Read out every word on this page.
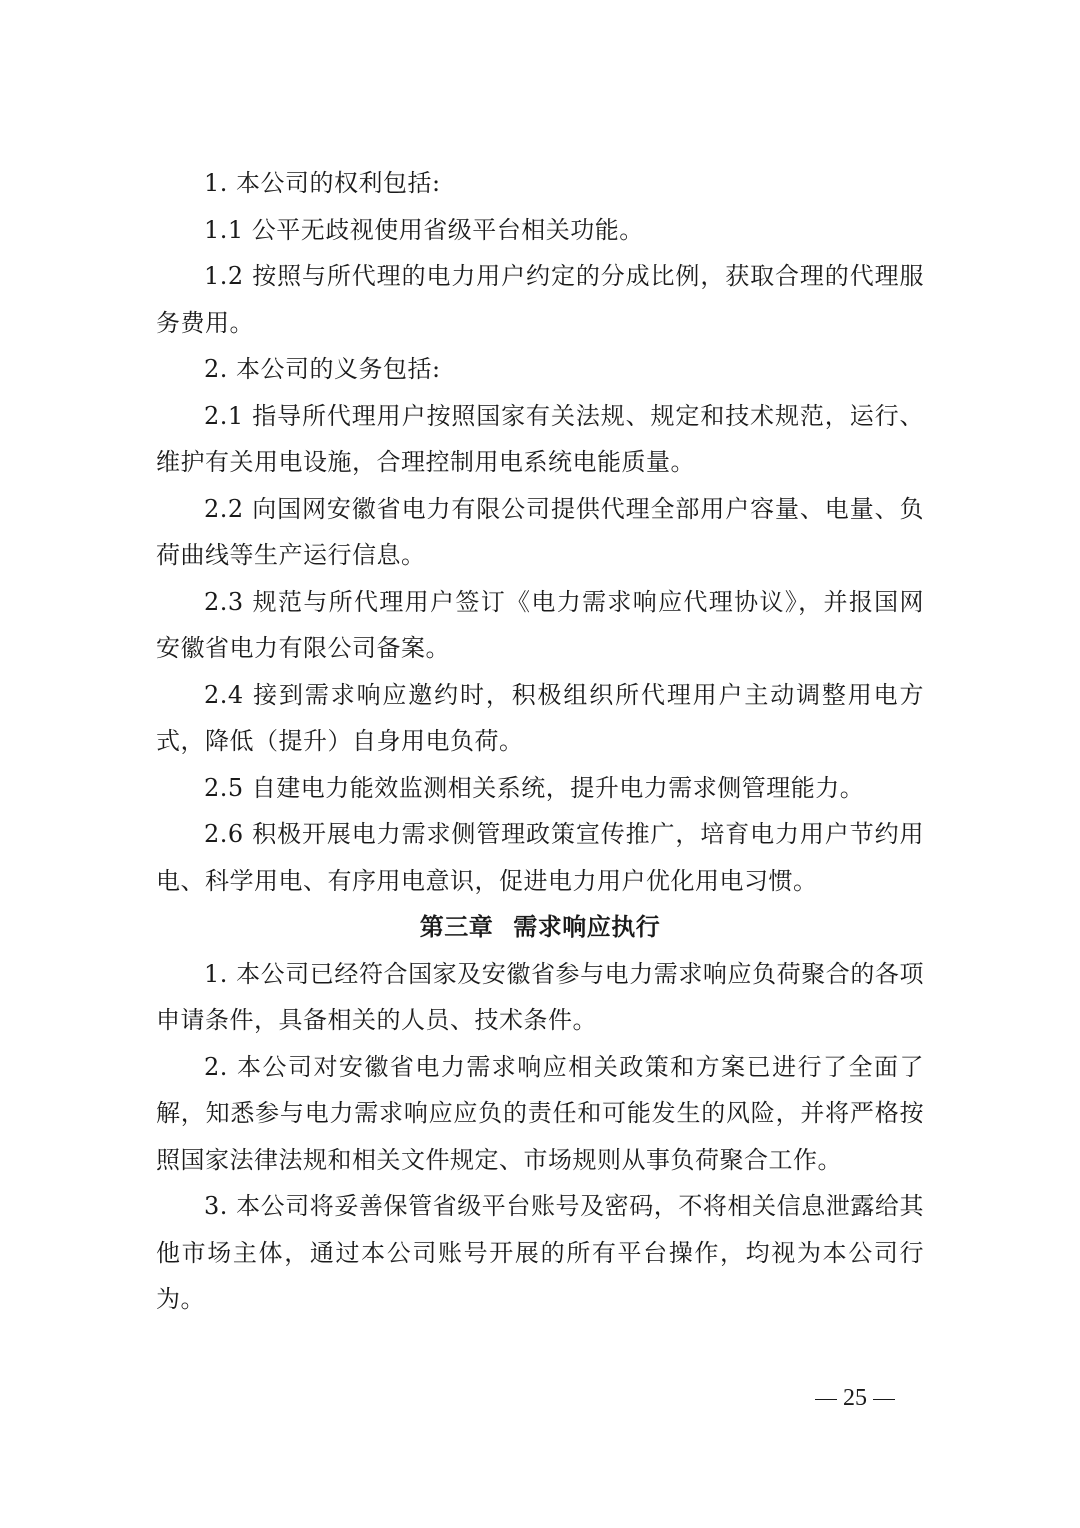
1. 本公司的权利包括:

1.1 公平无歧视使用省级平台相关功能。

1.2 按照与所代理的电力用户约定的分成比例，获取合理的代理服务费用。

2. 本公司的义务包括:

2.1 指导所代理用户按照国家有关法规、规定和技术规范，运行、维护有关用电设施，合理控制用电系统电能质量。

2.2 向国网安徽省电力有限公司提供代理全部用户容量、电量、负荷曲线等生产运行信息。

2.3 规范与所代理用户签订《电力需求响应代理协议》，并报国网安徽省电力有限公司备案。

2.4 接到需求响应邀约时，积极组织所代理用户主动调整用电方式，降低（提升）自身用电负荷。

2.5 自建电力能效监测相关系统，提升电力需求侧管理能力。

2.6 积极开展电力需求侧管理政策宣传推广，培育电力用户节约用电、科学用电、有序用电意识，促进电力用户优化用电习惯。

第三章 需求响应执行

1. 本公司已经符合国家及安徽省参与电力需求响应负荷聚合的各项申请条件，具备相关的人员、技术条件。

2. 本公司对安徽省电力需求响应相关政策和方案已进行了全面了解，知悉参与电力需求响应应负的责任和可能发生的风险，并将严格按照国家法律法规和相关文件规定、市场规则从事负荷聚合工作。

3. 本公司将妥善保管省级平台账号及密码，不将相关信息泄露给其他市场主体，通过本公司账号开展的所有平台操作，均视为本公司行为。

25
